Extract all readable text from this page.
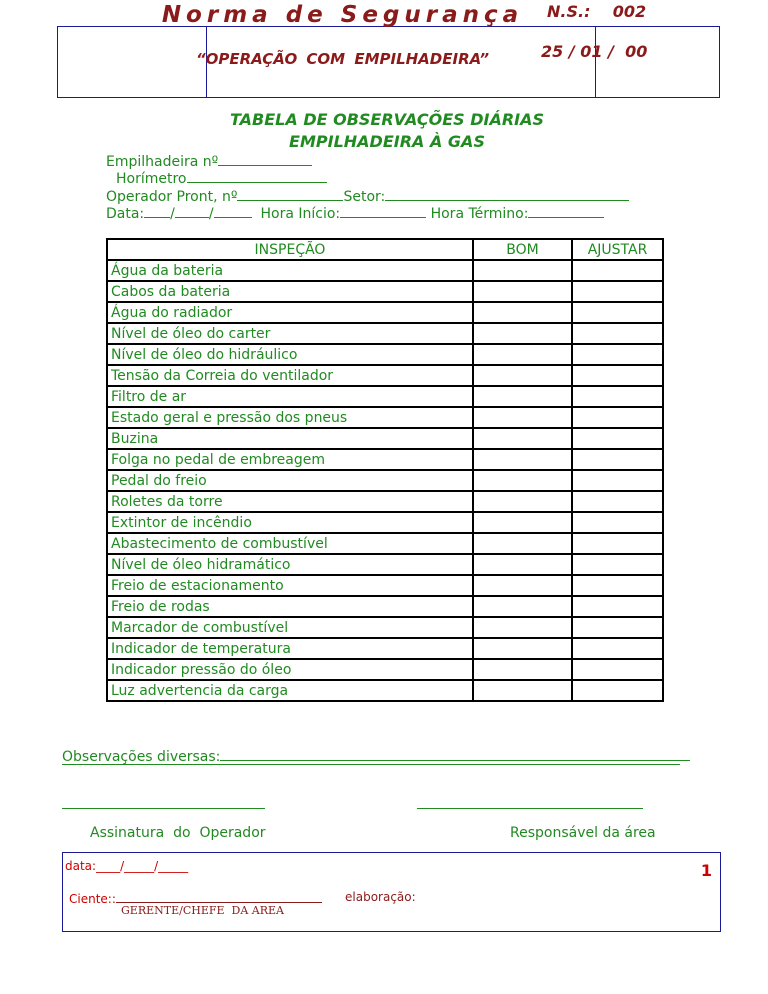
Norma de Segurança
“OPERAÇÃO COM EMPILHADEIRA”
N.S.: 002
25 / 01 /  00
TABELA DE OBSERVAÇÕES DIÁRIAS
EMPILHADEIRA À GAS
Empilhadeira nº
Horímetro
Operador Pront, nº	Setor:
Data: / /	Hora Início:	Hora Término:
INSPEÇÃO	BOM	AJUSTAR
Água da bateria		
Cabos da bateria		
Água do radiador		
Nível de óleo do carter		
Nível de óleo do hidráulico		
Tensão da Correia do ventilador		
Filtro de ar		
Estado geral e pressão dos pneus		
Buzina		
Folga no pedal de embreagem		
Pedal do freio		
Roletes da torre		
Extintor de incêndio		
Abastecimento de combustível		
Nível de óleo hidramático		
Freio de estacionamento		
Freio de rodas		
Marcador de combustível		
Indicador de temperatura		
Indicador pressão do óleo		
Luz advertencia da carga		
Observações diversas:
Assinatura  do  Operador	Responsável da área
data:____/_____/_____	1
Ciente::
GERENTE/CHEFE  DA AREA
elaboração:
